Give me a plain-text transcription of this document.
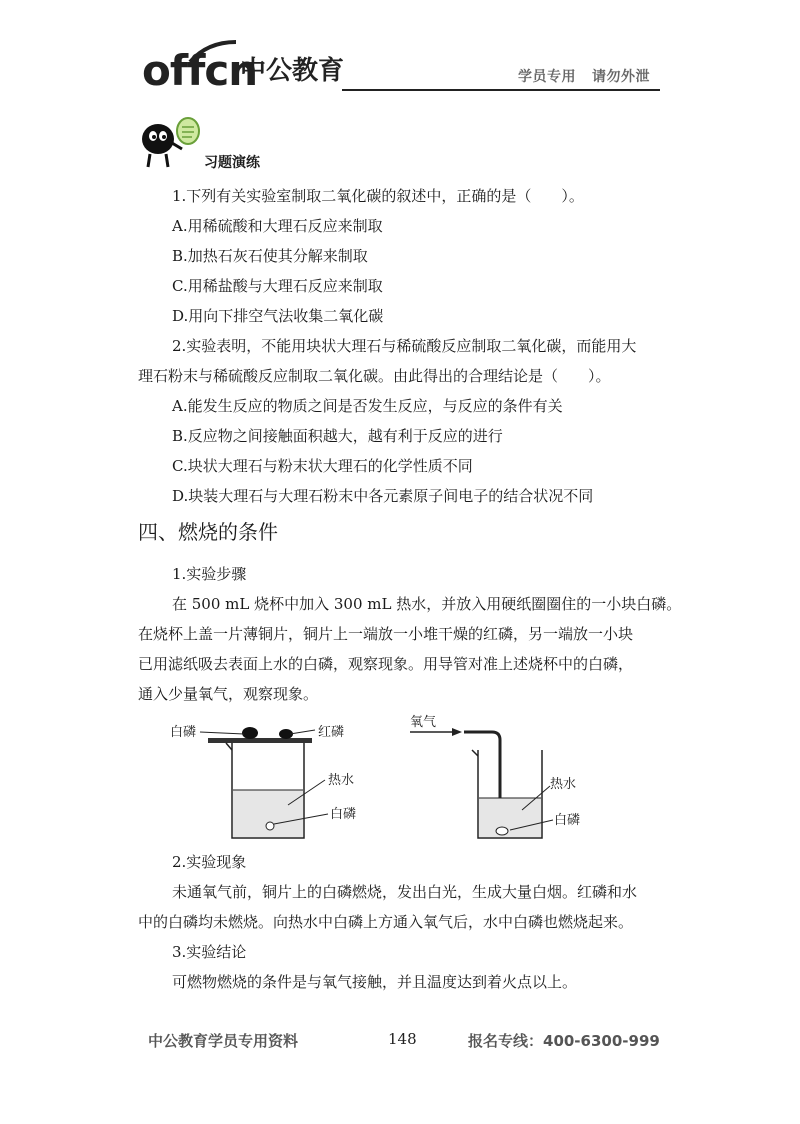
offcn
中公教育	学员专用 请勿外泄
习题演练
1.下列有关实验室制取二氧化碳的叙述中，正确的是（　　）。
A.用稀硫酸和大理石反应来制取
B.加热石灰石使其分解来制取
C.用稀盐酸与大理石反应来制取
D.用向下排空气法收集二氧化碳
2.实验表明，不能用块状大理石与稀硫酸反应制取二氧化碳，而能用大
理石粉末与稀硫酸反应制取二氧化碳。由此得出的合理结论是（　　）。
A.能发生反应的物质之间是否发生反应，与反应的条件有关
B.反应物之间接触面积越大，越有利于反应的进行
C.块状大理石与粉末状大理石的化学性质不同
D.块装大理石与大理石粉末中各元素原子间电子的结合状况不同
四、燃烧的条件
1.实验步骤
在 500 mL 烧杯中加入 300 mL 热水，并放入用硬纸圈圈住的一小块白磷。
在烧杯上盖一片薄铜片，铜片上一端放一小堆干燥的红磷，另一端放一小块
已用滤纸吸去表面上水的白磷，观察现象。用导管对准上述烧杯中的白磷，
通入少量氧气，观察现象。
白磷	红磷
热水
白磷
氧气
热水
白磷
2.实验现象
未通氧气前，铜片上的白磷燃烧，发出白光，生成大量白烟。红磷和水
中的白磷均未燃烧。向热水中白磷上方通入氧气后，水中白磷也燃烧起来。
3.实验结论
可燃物燃烧的条件是与氧气接触，并且温度达到着火点以上。
中公教育学员专用资料	148	报名专线：400-6300-999
